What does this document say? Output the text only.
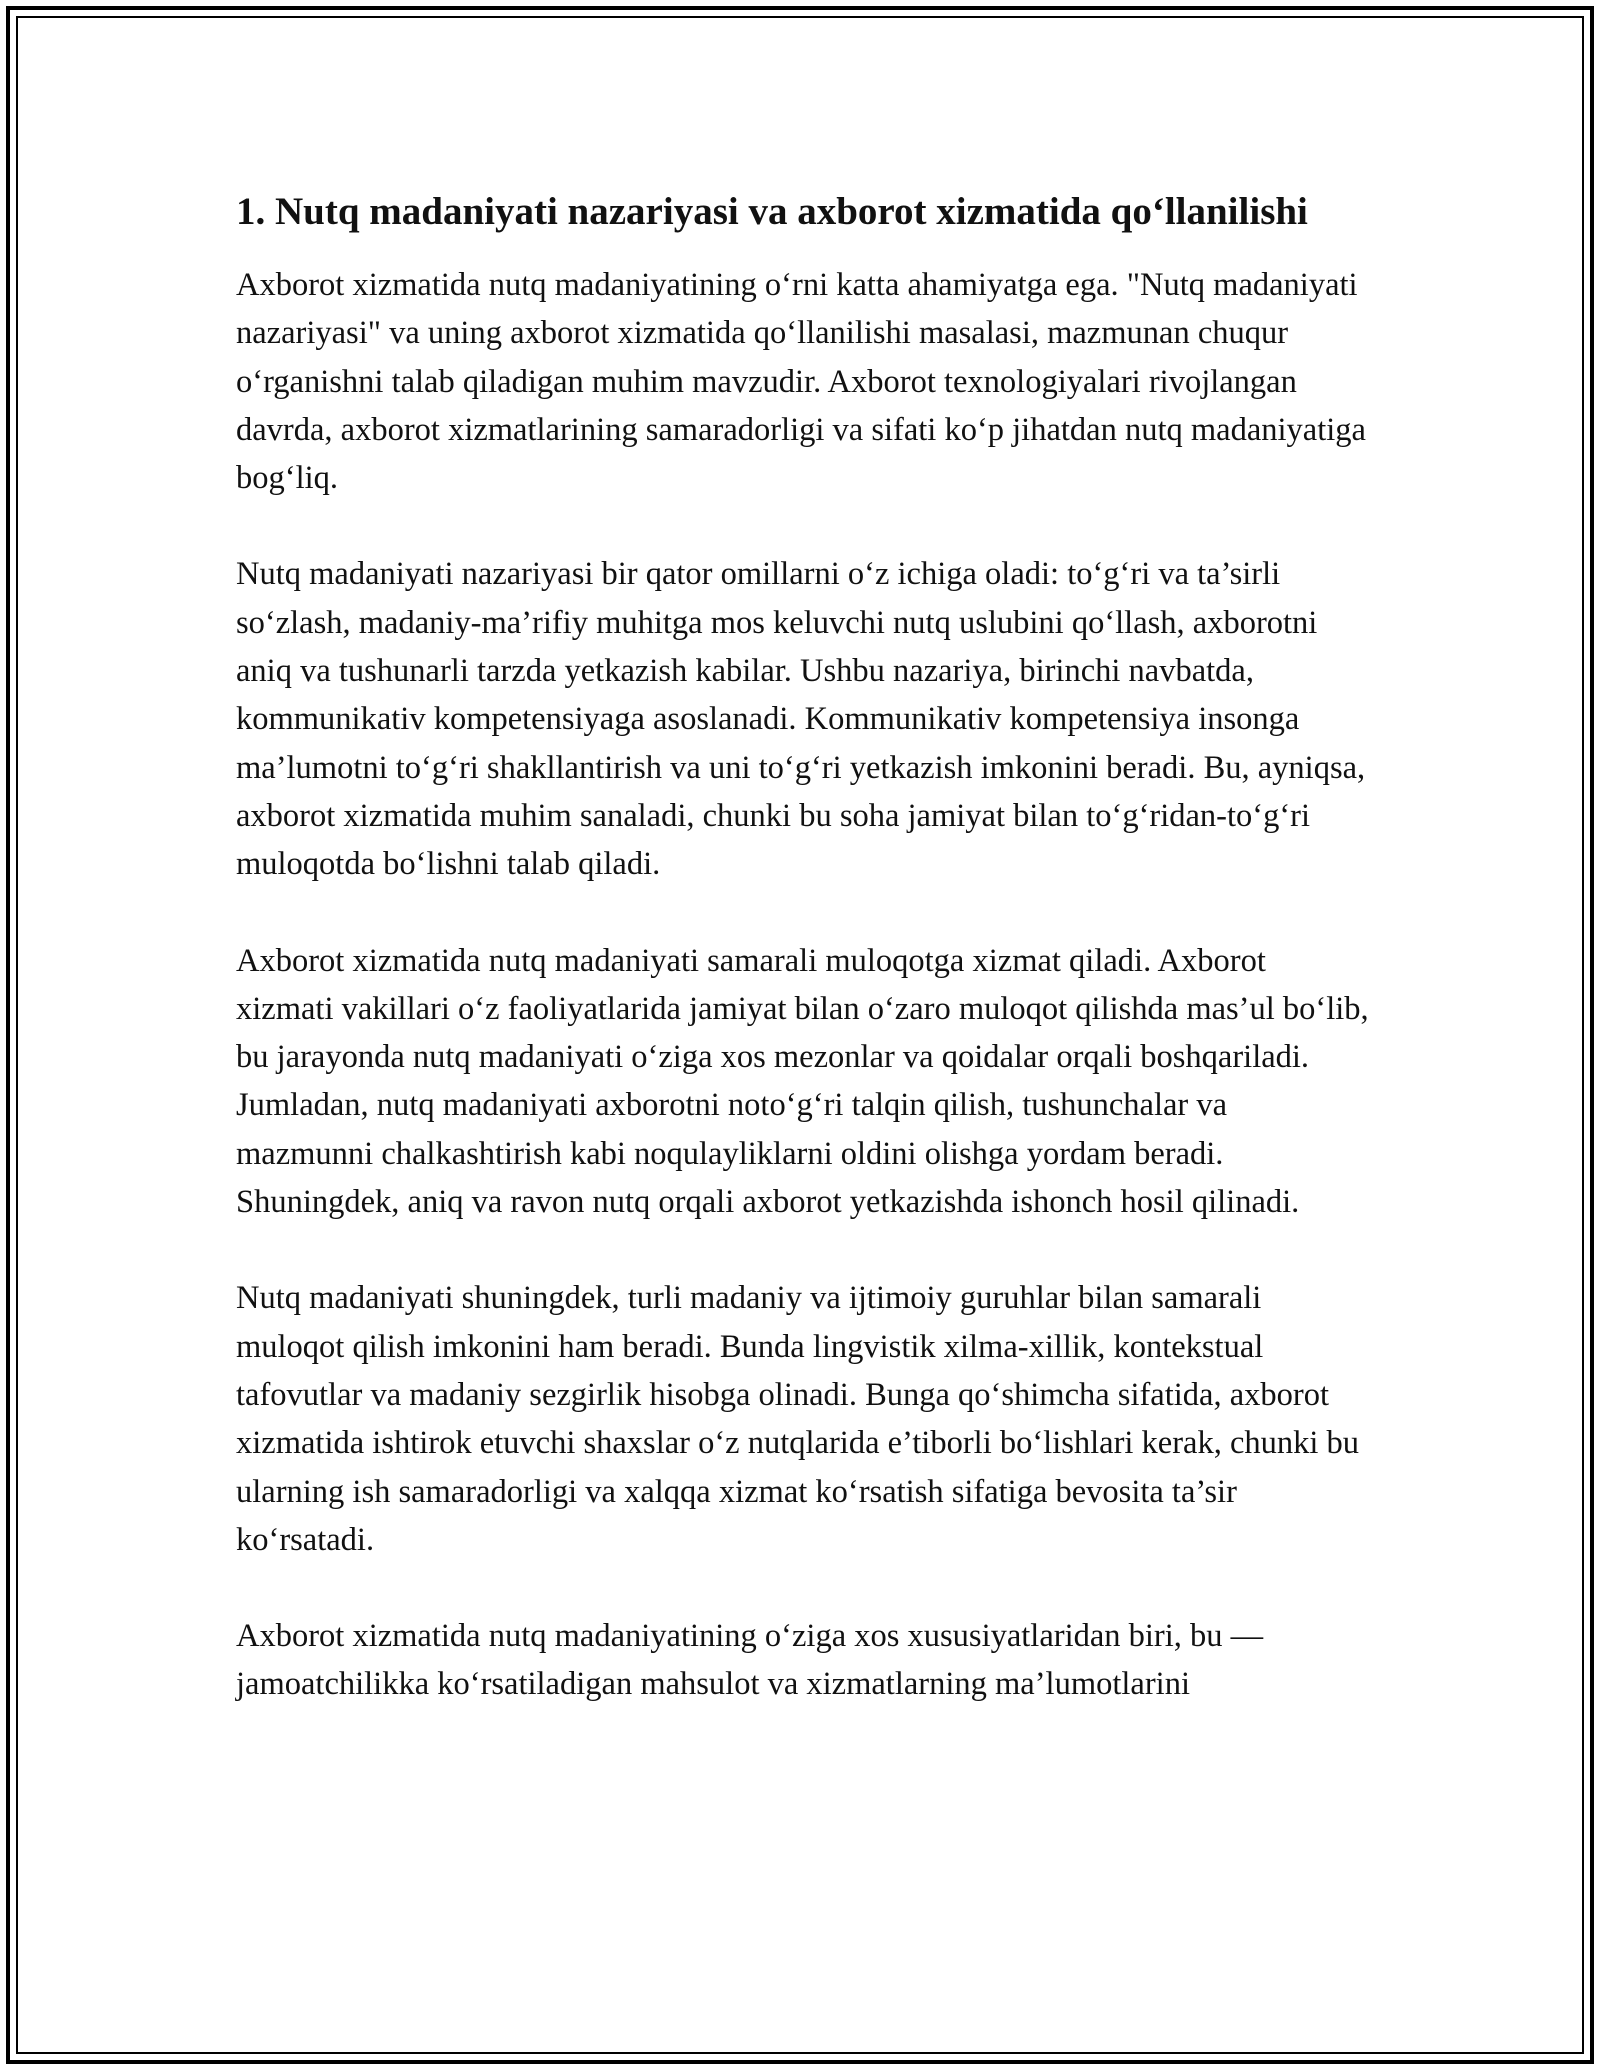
1. Nutq madaniyati nazariyasi va axborot xizmatida qo‘llanilishi

Axborot xizmatida nutq madaniyatining o‘rni katta ahamiyatga ega. "Nutq madaniyati nazariyasi" va uning axborot xizmatida qo‘llanilishi masalasi, mazmunan chuqur o‘rganishni talab qiladigan muhim mavzudir. Axborot texnologiyalari rivojlangan davrda, axborot xizmatlarining samaradorligi va sifati ko‘p jihatdan nutq madaniyatiga bog‘liq.

Nutq madaniyati nazariyasi bir qator omillarni o‘z ichiga oladi: to‘g‘ri va ta’sirli so‘zlash, madaniy-ma’rifiy muhitga mos keluvchi nutq uslubini qo‘llash, axborotni aniq va tushunarli tarzda yetkazish kabilar. Ushbu nazariya, birinchi navbatda, kommunikativ kompetensiyaga asoslanadi. Kommunikativ kompetensiya insonga ma’lumotni to‘g‘ri shakllantirish va uni to‘g‘ri yetkazish imkonini beradi. Bu, ayniqsa, axborot xizmatida muhim sanaladi, chunki bu soha jamiyat bilan to‘g‘ridan-to‘g‘ri muloqotda bo‘lishni talab qiladi.

Axborot xizmatida nutq madaniyati samarali muloqotga xizmat qiladi. Axborot xizmati vakillari o‘z faoliyatlarida jamiyat bilan o‘zaro muloqot qilishda mas’ul bo‘lib, bu jarayonda nutq madaniyati o‘ziga xos mezonlar va qoidalar orqali boshqariladi. Jumladan, nutq madaniyati axborotni noto‘g‘ri talqin qilish, tushunchalar va mazmunni chalkashtirish kabi noqulayliklarni oldini olishga yordam beradi. Shuningdek, aniq va ravon nutq orqali axborot yetkazishda ishonch hosil qilinadi.

Nutq madaniyati shuningdek, turli madaniy va ijtimoiy guruhlar bilan samarali muloqot qilish imkonini ham beradi. Bunda lingvistik xilma-xillik, kontekstual tafovutlar va madaniy sezgirlik hisobga olinadi. Bunga qo‘shimcha sifatida, axborot xizmatida ishtirok etuvchi shaxslar o‘z nutqlarida e’tiborli bo‘lishlari kerak, chunki bu ularning ish samaradorligi va xalqqa xizmat ko‘rsatish sifatiga bevosita ta’sir ko‘rsatadi.

Axborot xizmatida nutq madaniyatining o‘ziga xos xususiyatlaridan biri, bu — jamoatchilikka ko‘rsatiladigan mahsulot va xizmatlarning ma’lumotlarini
